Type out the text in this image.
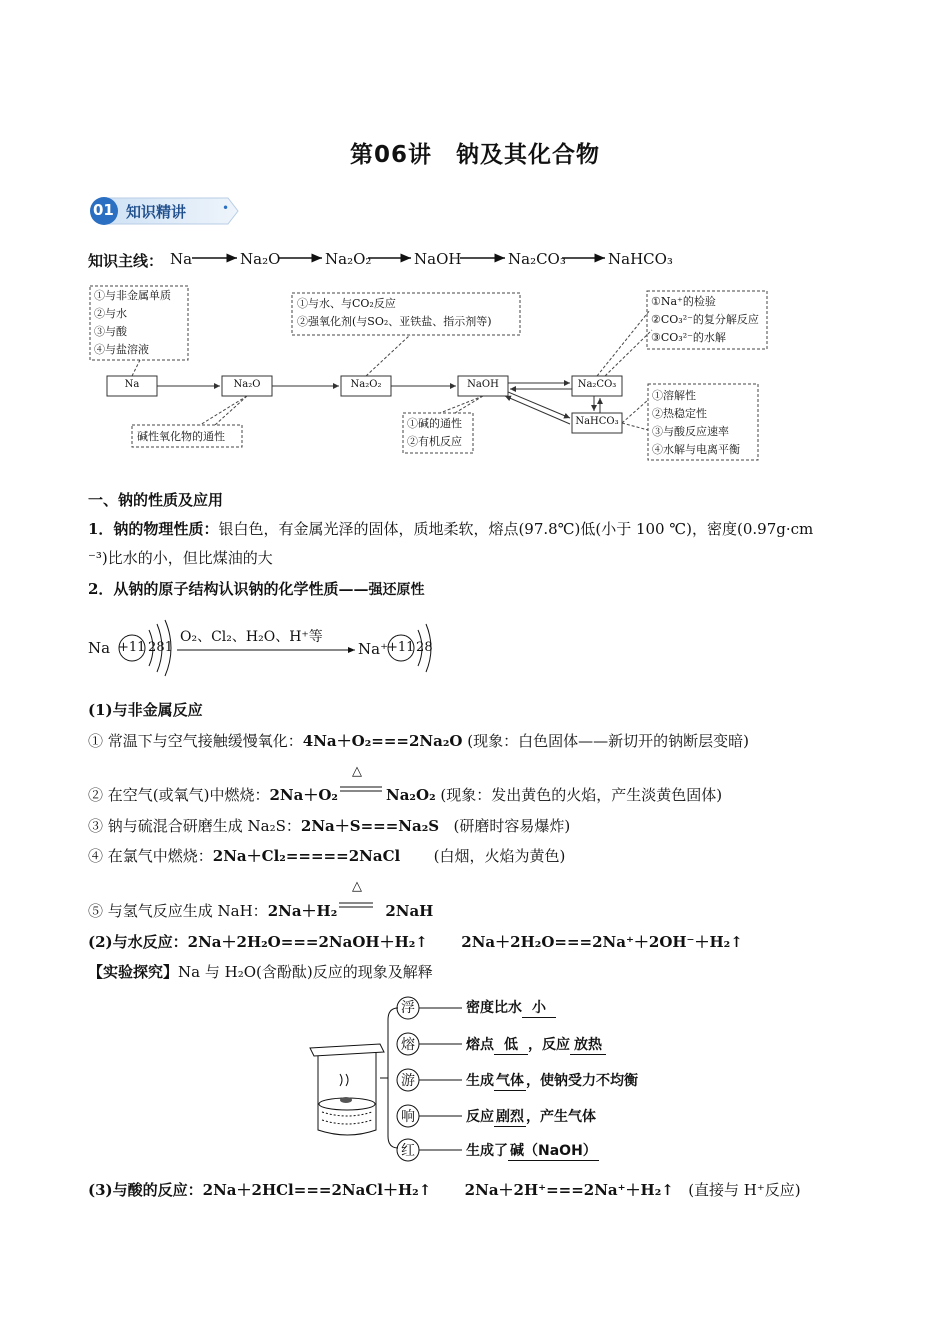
第06讲　钠及其化合物
01 知识精讲	•
知识主线： Na	Na₂O	Na₂O₂	NaOH	Na₂CO₃	NaHCO₃
①与非金属单质
②与水
③与酸
④与盐溶液
①与水、与CO₂反应
②强氧化剂(与SO₂、亚铁盐、指示剂等)
①Na⁺的检验
②CO₃²⁻的复分解反应
③CO₃²⁻的水解
碱性氧化物的通性
①碱的通性
②有机反应
①溶解性
②热稳定性
③与酸反应速率
④水解与电离平衡
Na	Na₂O	Na₂O₂	NaOH	Na₂CO₃
NaHCO₃
一、钠的性质及应用
1．钠的物理性质：银白色，有金属光泽的固体，质地柔软，熔点(97.8℃)低(小于 100 ℃)，密度(0.97g·cm
⁻³)比水的小，但比煤油的大
2．从钠的原子结构认识钠的化学性质——强还原性
Na +11 2 8 1
O₂、Cl₂、H₂O、H⁺等
Na⁺ +11 2 8
(1)与非金属反应
① 常温下与空气接触缓慢氧化：4Na＋O₂===2Na₂O (现象：白色固体——新切开的钠断层变暗)
△
② 在空气(或氧气)中燃烧：2Na＋O₂	Na₂O₂ (现象：发出黄色的火焰，产生淡黄色固体)
③ 钠与硫混合研磨生成 Na₂S：2Na＋S===Na₂S (研磨时容易爆炸)
④ 在氯气中燃烧：2Na＋Cl₂=====2NaCl (白烟，火焰为黄色)
△
⑤ 与氢气反应生成 NaH：2Na＋H₂	2NaH
(2)与水反应：2Na＋2H₂O===2NaOH＋H₂↑ 2Na＋2H₂O===2Na⁺＋2OH⁻＋H₂↑
【实验探究】Na 与 H₂O(含酚酞)反应的现象及解释
浮
熔
游
响
红
密度比水 小
熔点 低 ，反应 放热
生成 气体 ，使钠受力不均衡
反应 剧烈 ，产生气体
生成了 碱（NaOH）
(3)与酸的反应：2Na＋2HCl===2NaCl＋H₂↑ 2Na＋2H⁺===2Na⁺＋H₂↑ (直接与 H⁺反应)
